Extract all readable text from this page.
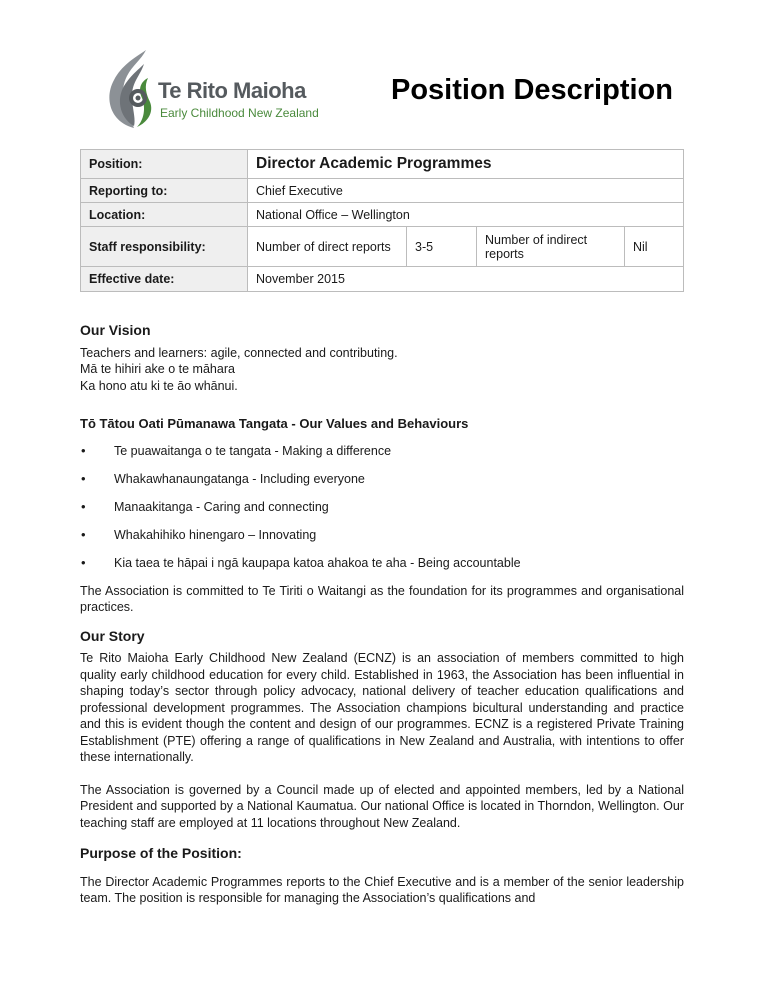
Te Rito Maioha
Early Childhood New Zealand
Position Description
Position:	Director Academic Programmes			
Reporting to:	Chief Executive			
Location:	National Office – Wellington			
Staff responsibility:	Number of direct reports	3-5	Number of indirect reports	Nil
Effective date:	November 2015			
Our Vision
Teachers and learners: agile, connected and contributing.
Mā te hihiri ake o te māhara
Ka hono atu ki te āo whānui.
Tō Tātou Oati Pūmanawa Tangata - Our Values and Behaviours
• Te puawaitanga o te tangata - Making a difference
• Whakawhanaungatanga - Including everyone
• Manaakitanga - Caring and connecting
• Whakahihiko hinengaro – Innovating
• Kia taea te hāpai i ngā kaupapa katoa ahakoa te aha - Being accountable

The Association is committed to Te Tiriti o Waitangi as the foundation for its programmes and organisational practices.

Our Story

Te Rito Maioha Early Childhood New Zealand (ECNZ) is an association of members committed to high quality early childhood education for every child. Established in 1963, the Association has been influential in shaping today’s sector through policy advocacy, national delivery of teacher education qualifications and professional development programmes. The Association champions bicultural understanding and practice and this is evident though the content and design of our programmes. ECNZ is a registered Private Training Establishment (PTE) offering a range of qualifications in New Zealand and Australia, with intentions to offer these internationally.

The Association is governed by a Council made up of elected and appointed members, led by a National President and supported by a National Kaumatua. Our national Office is located in Thorndon, Wellington. Our teaching staff are employed at 11 locations throughout New Zealand.

Purpose of the Position:

The Director Academic Programmes reports to the Chief Executive and is a member of the senior leadership team. The position is responsible for managing the Association’s qualifications and
